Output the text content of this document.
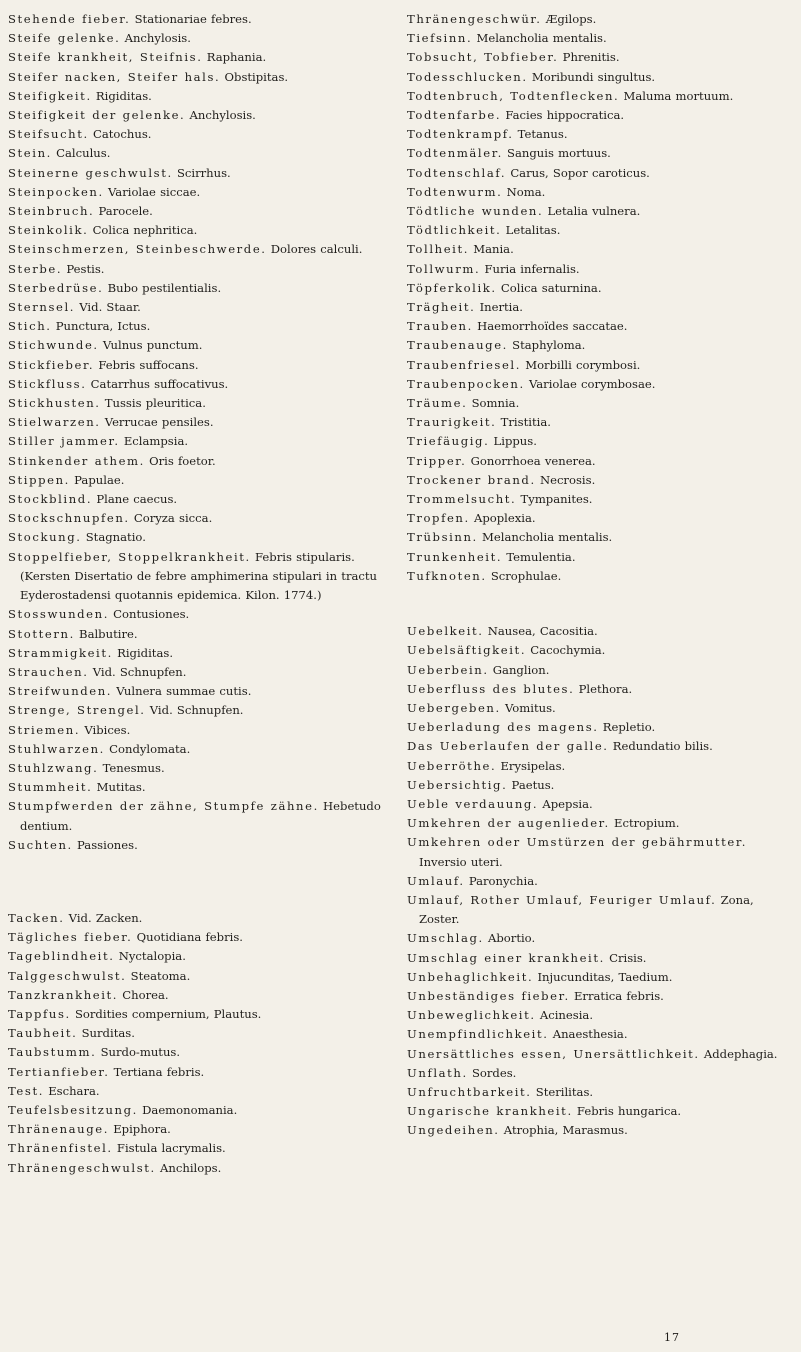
Stehende fieber. Stationariae febres.
Steife gelenke. Anchylosis.
Steife krankheit, Steifnis. Raphania.
Steifer nacken, Steifer hals. Obstipitas.
Steifigkeit. Rigiditas.
Steifigkeit der gelenke. Anchylosis.
Steifsucht. Catochus.
Stein. Calculus.
Steinerne geschwulst. Scirrhus.
Steinpocken. Variolae siccae.
Steinbruch. Parocele.
Steinkolik. Colica nephritica.
Steinschmerzen, Steinbeschwerde. Dolores calculi.
Sterbe. Pestis.
Sterbedrüse. Bubo pestilentialis.
Sternsel. Vid. Staar.
Stich. Punctura, Ictus.
Stichwunde. Vulnus punctum.
Stickfieber. Febris suffocans.
Stickfluss. Catarrhus suffocativus.
Stickhusten. Tussis pleuritica.
Stielwarzen. Verrucae pensiles.
Stiller jammer. Eclampsia.
Stinkender athem. Oris foetor.
Stippen. Papulae.
Stockblind. Plane caecus.
Stockschnupfen. Coryza sicca.
Stockung. Stagnatio.
Stoppelfieber, Stoppelkrankheit. Febris stipularis. (Kersten Disertatio de febre amphimerina stipulari in tractu Eyderostadensi quotannis epidemica. Kilon. 1774.)
Stosswunden. Contusiones.
Stottern. Balbutire.
Strammigkeit. Rigiditas.
Strauchen. Vid. Schnupfen.
Streifwunden. Vulnera summae cutis.
Strenge, Strengel. Vid. Schnupfen.
Striemen. Vibices.
Stuhlwarzen. Condylomata.
Stuhlzwang. Tenesmus.
Stummheit. Mutitas.
Stumpfwerden der zähne, Stumpfe zähne. Hebetudo dentium.
Suchten. Passiones.
Tacken. Vid. Zacken.
Tägliches fieber. Quotidiana febris.
Tageblindheit. Nyctalopia.
Talggeschwulst. Steatoma.
Tanzkrankheit. Chorea.
Tappfus. Sordities compernium, Plautus.
Taubheit. Surditas.
Taubstumm. Surdo-mutus.
Tertianfieber. Tertiana febris.
Test. Eschara.
Teufelsbesitzung. Daemonomania.
Thränenauge. Epiphora.
Thränenfistel. Fistula lacrymalis.
Thränengeschwulst. Anchilops.
Thränengeschwür. Ægilops.
Tiefsinn. Melancholia mentalis.
Tobsucht, Tobfieber. Phrenitis.
Todesschlucken. Moribundi singultus.
Todtenbruch, Todtenflecken. Maluma mortuum.
Todtenfarbe. Facies hippocratica.
Todtenkrampf. Tetanus.
Todtenmäler. Sanguis mortuus.
Todtenschlaf. Carus, Sopor caroticus.
Todtenwurm. Noma.
Tödtliche wunden. Letalia vulnera.
Tödtlichkeit. Letalitas.
Tollheit. Mania.
Tollwurm. Furia infernalis.
Töpferkolik. Colica saturnina.
Trägheit. Inertia.
Trauben. Haemorrhoïdes saccatae.
Traubenauge. Staphyloma.
Traubenfriesel. Morbilli corymbosi.
Traubenpocken. Variolae corymbosae.
Träume. Somnia.
Traurigkeit. Tristitia.
Triefäugig. Lippus.
Tripper. Gonorrhoea venerea.
Trockener brand. Necrosis.
Trommelsucht. Tympanites.
Tropfen. Apoplexia.
Trübsinn. Melancholia mentalis.
Trunkenheit. Temulentia.
Tufknoten. Scrophulae.
Uebelkeit. Nausea, Cacositia.
Uebelsäftigkeit. Cacochymia.
Ueberbein. Ganglion.
Ueberfluss des blutes. Plethora.
Uebergeben. Vomitus.
Ueberladung des magens. Repletio.
Das Ueberlaufen der galle. Redundatio bilis.
Ueberröthe. Erysipelas.
Uebersichtig. Paetus.
Ueble verdauung. Apepsia.
Umkehren der augenlieder. Ectropium.
Umkehren oder Umstürzen der gebährmutter. Inversio uteri.
Umlauf. Paronychia.
Umlauf, Rother Umlauf, Feuriger Umlauf. Zona, Zoster.
Umschlag. Abortio.
Umschlag einer krankheit. Crisis.
Unbehaglichkeit. Injucunditas, Taedium.
Unbeständiges fieber. Erratica febris.
Unbeweglichkeit. Acinesia.
Unempfindlichkeit. Anaesthesia.
Unersättliches essen, Unersättlichkeit. Addephagia.
Unflath. Sordes.
Unfruchtbarkeit. Sterilitas.
Ungarische krankheit. Febris hungarica.
Ungedeihen. Atrophia, Marasmus.
17
